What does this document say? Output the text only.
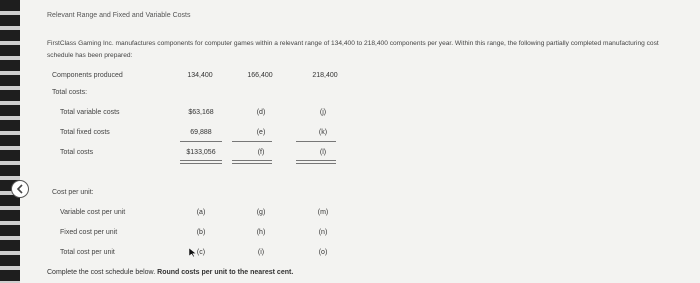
Relevant Range and Fixed and Variable Costs
FirstClass Gaming Inc. manufactures components for computer games within a relevant range of 134,400 to 218,400 components per year. Within this range, the following partially completed manufacturing cost schedule has been prepared:
Components produced	134,400	166,400	218,400
Total costs:
Total variable costs	$63,168	(d)	(j)
Total fixed costs	69,888	(e)	(k)
Total costs	$133,056	(f)	(l)
Cost per unit:
Variable cost per unit	(a)	(g)	(m)
Fixed cost per unit	(b)	(h)	(n)
Total cost per unit	(c)	(i)	(o)
Complete the cost schedule below. Round costs per unit to the nearest cent.
